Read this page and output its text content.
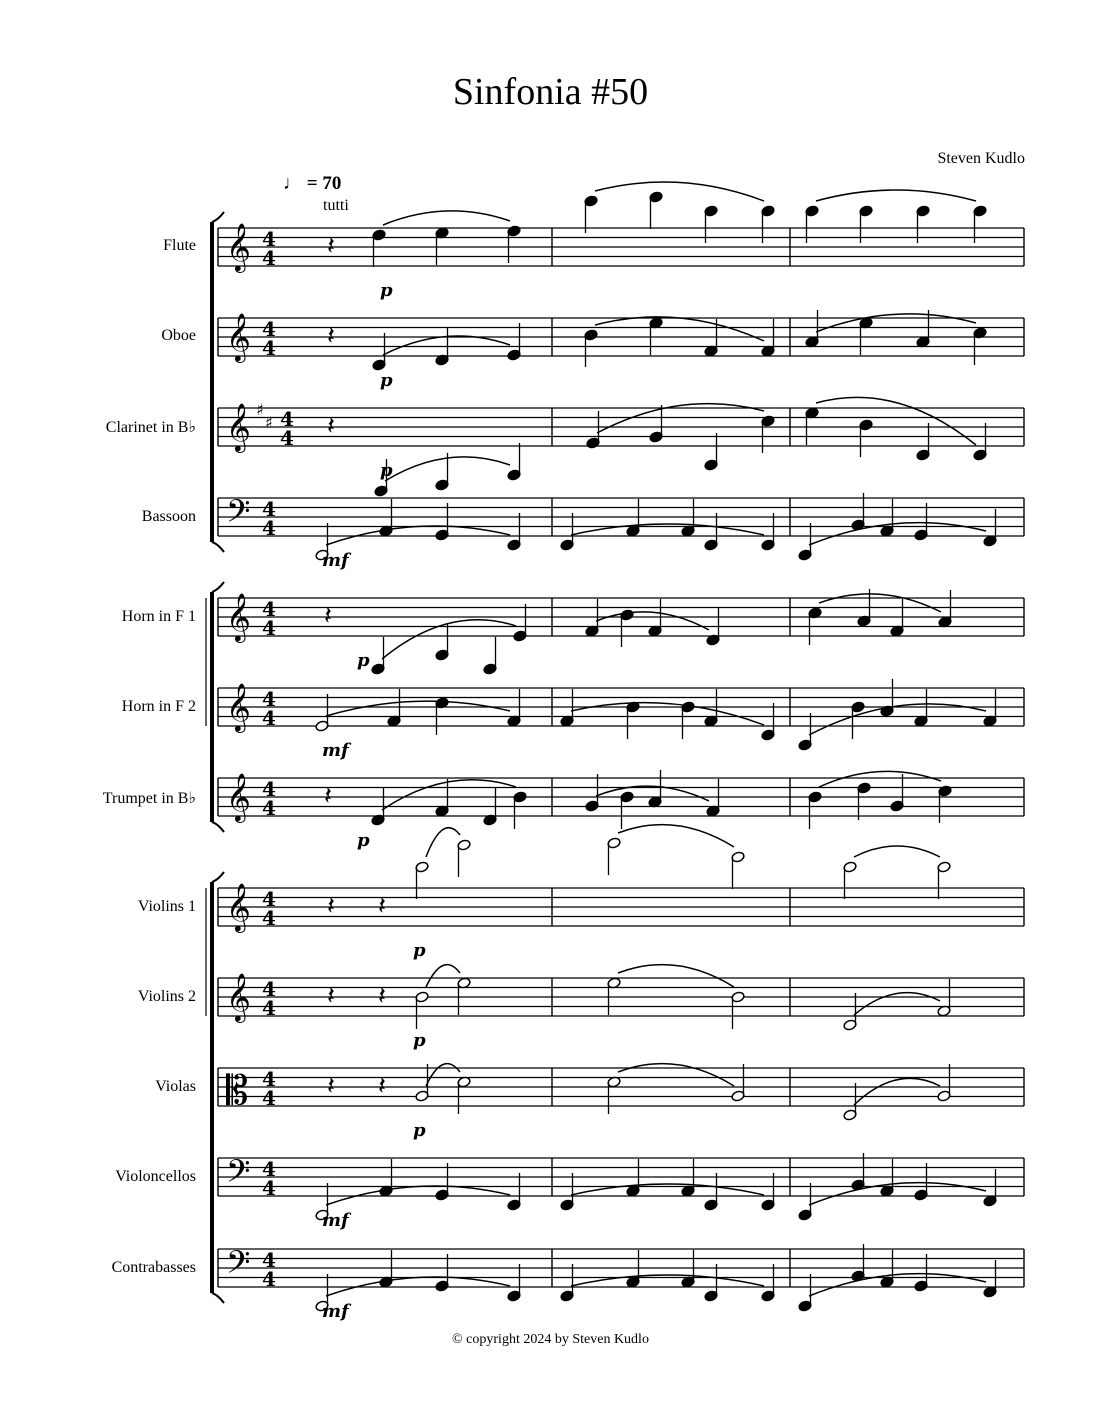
Sinfonia #50
Steven Kudlo
♩ = 70
tutti
Flute
Oboe
Clarinet in B♭
Bassoon
Horn in F 1
Horn in F 2
Trumpet in B♭
Violins 1
Violins 2
Violas
Violoncellos
Contrabasses
© copyright 2024 by Steven Kudlo
𝄞
𝄞
𝄞 ♯
♯
𝄢
𝄞
𝄞
𝄞
𝄞
𝄞
𝄡
𝄢
𝄢
4
4
4
4
4
4
4
4
4
4
4
4
4
4
4
4
4
4
4
4
4
4
4
4
𝄽
𝄽
𝄽
𝄽
𝄽
𝄽 𝄽
𝄽 𝄽
𝄽 𝄽
p
p
p
mf
p
mf
p
p
p
p
mf
mf
